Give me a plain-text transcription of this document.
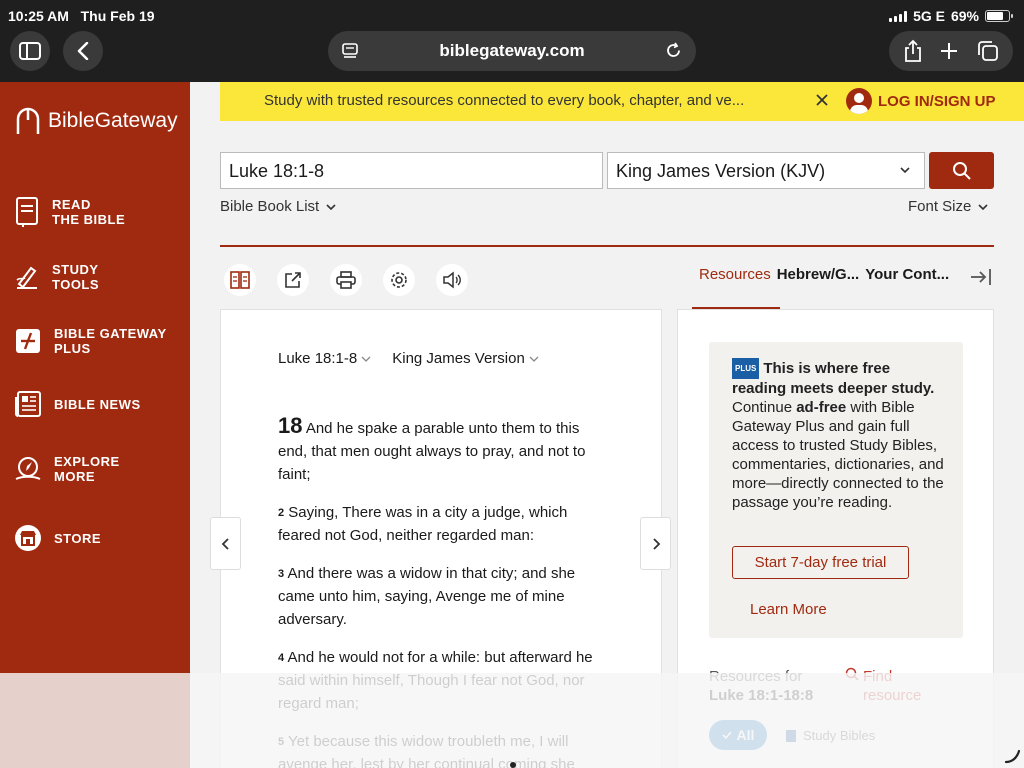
10:25 AM Thu Feb 19	5G E 69%
biblegateway.com
BibleGateway
READ
THE BIBLE
STUDY
TOOLS
BIBLE GATEWAY
PLUS
BIBLE NEWS
EXPLORE
MORE
STORE
Study with trusted resources connected to every book, chapter, and ve...	LOG IN/SIGN UP
Luke 18:1-8	King James Version (KJV)
Bible Book List	Font Size
Resources Hebrew/G... Your Cont...
Luke 18:1-8 King James Version

18 And he spake a parable unto them to this end, that men ought always to pray, and not to faint;

$^2$ Saying, There was in a city a judge, which feared not God, neither regarded man:

$^3$ And there was a widow in that city; and she came unto him, saying, Avenge me of mine adversary.

$^4$ And he would not for a while: but afterward he

PLUS This is where free reading meets deeper study. Continue ad-free with Bible Gateway Plus and gain full access to trusted Study Bibles, commentaries, dictionaries, and more—directly connected to the passage you’re reading.
Start 7-day free trial
Learn More
